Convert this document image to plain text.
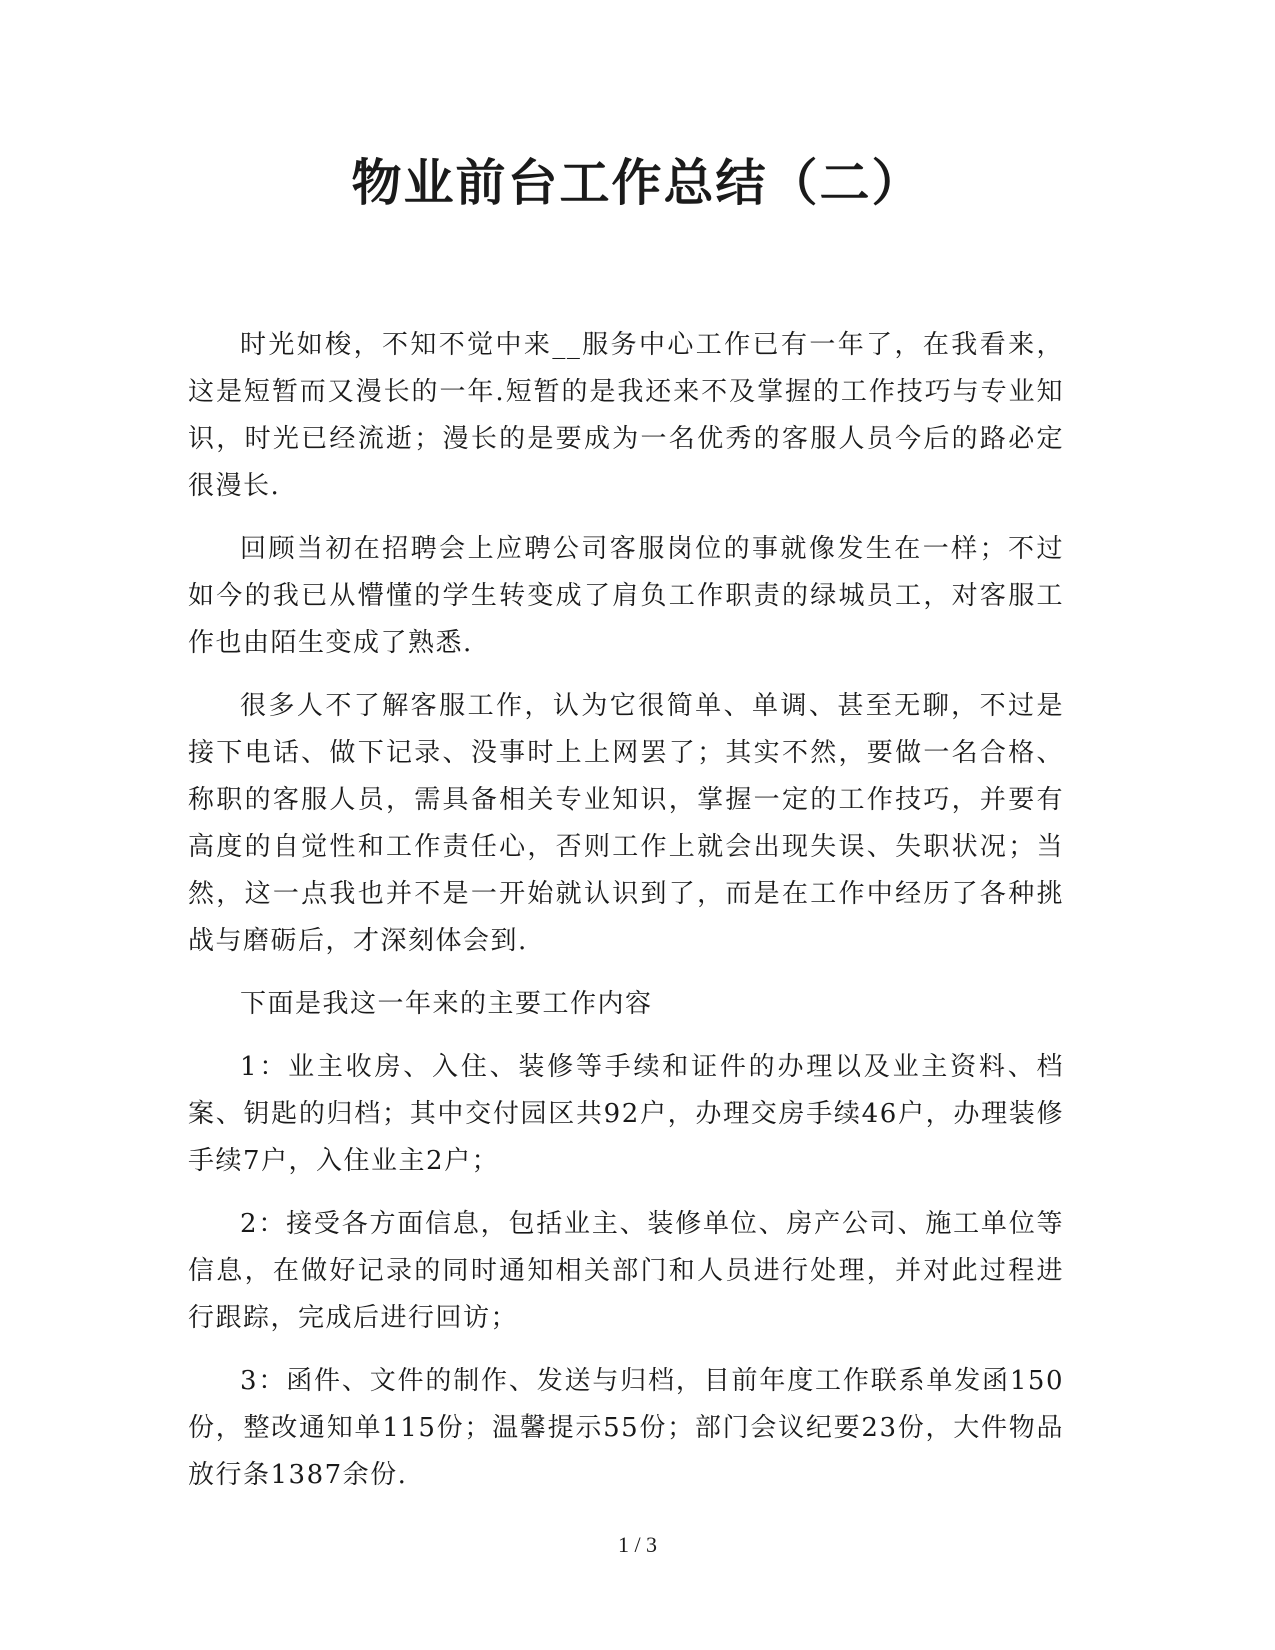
物业前台工作总结（二）

时光如梭，不知不觉中来__服务中心工作已有一年了，在我看来，这是短暂而又漫长的一年.短暂的是我还来不及掌握的工作技巧与专业知识，时光已经流逝；漫长的是要成为一名优秀的客服人员今后的路必定很漫长.

回顾当初在招聘会上应聘公司客服岗位的事就像发生在一样；不过如今的我已从懵懂的学生转变成了肩负工作职责的绿城员工，对客服工作也由陌生变成了熟悉.

很多人不了解客服工作，认为它很简单、单调、甚至无聊，不过是接下电话、做下记录、没事时上上网罢了；其实不然，要做一名合格、称职的客服人员，需具备相关专业知识，掌握一定的工作技巧，并要有高度的自觉性和工作责任心，否则工作上就会出现失误、失职状况；当然，这一点我也并不是一开始就认识到了，而是在工作中经历了各种挑战与磨砺后，才深刻体会到.

下面是我这一年来的主要工作内容

1：业主收房、入住、装修等手续和证件的办理以及业主资料、档案、钥匙的归档；其中交付园区共92户，办理交房手续46户，办理装修手续7户，入住业主2户；

2：接受各方面信息，包括业主、装修单位、房产公司、施工单位等信息，在做好记录的同时通知相关部门和人员进行处理，并对此过程进行跟踪，完成后进行回访；

3：函件、文件的制作、发送与归档，目前年度工作联系单发函150份，整改通知单115份；温馨提示55份；部门会议纪要23份，大件物品放行条1387余份.

1 / 3
